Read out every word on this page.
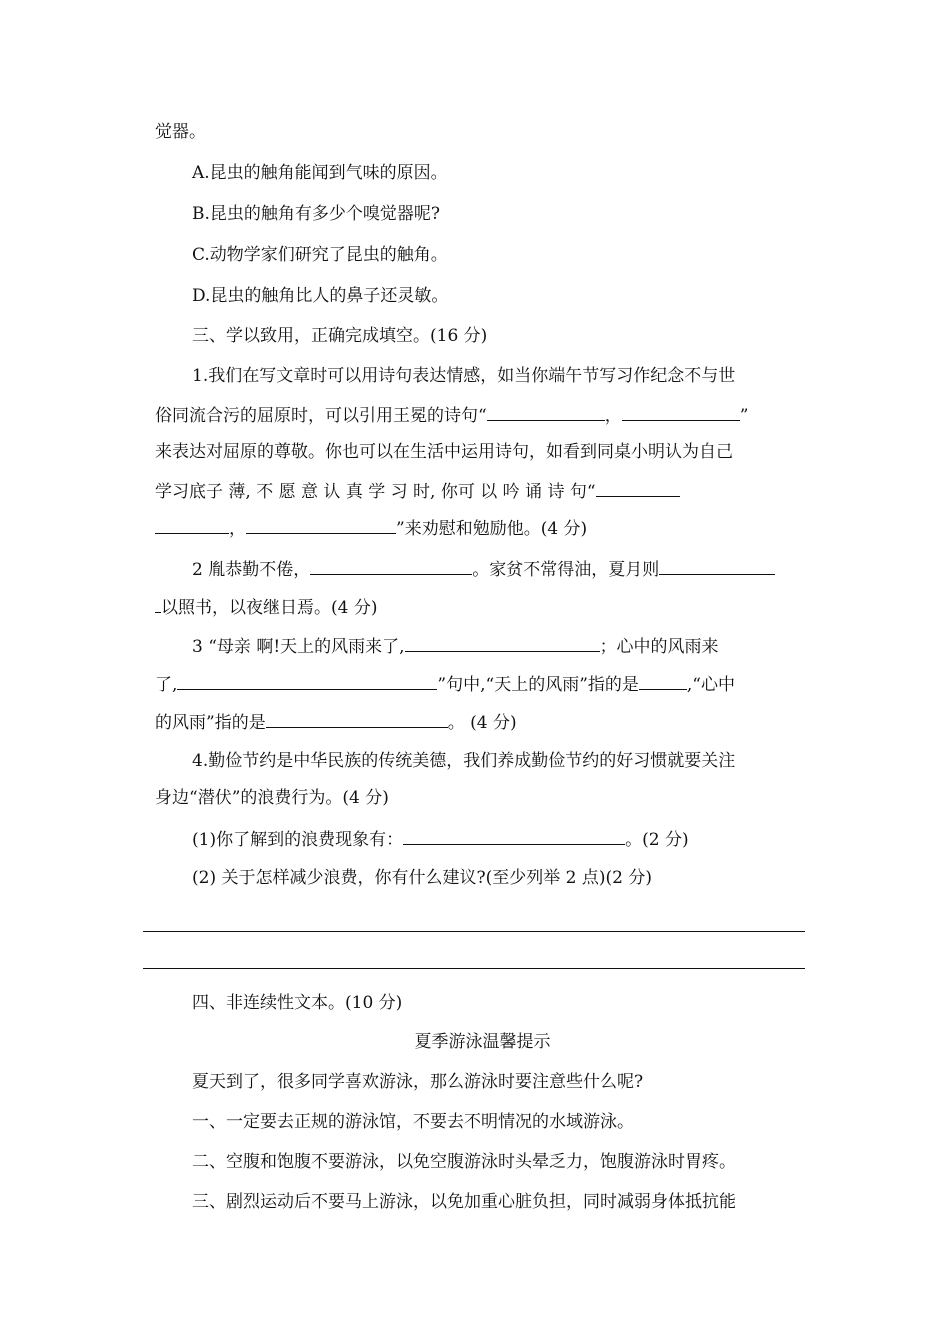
觉器。
A.昆虫的触角能闻到气味的原因。
B.昆虫的触角有多少个嗅觉器呢?
C.动物学家们研究了昆虫的触角。
D.昆虫的触角比人的鼻子还灵敏。
三、学以致用，正确完成填空。(16 分)
1.我们在写文章时可以用诗句表达情感，如当你端午节写习作纪念不与世
俗同流合污的屈原时，可以引用王冕的诗句“	，	”
来表达对屈原的尊敬。你也可以在生活中运用诗句，如看到同桌小明认为自己
学习底子 薄, 不 愿 意 认 真 学 习 时, 你可 以 吟 诵 诗 句“
，	”来劝慰和勉励他。(4 分)
2 胤恭勤不倦，	。家贫不常得油，夏月则
以照书，以夜继日焉。(4 分)
3 “母亲 啊!天上的风雨来了,	；心中的风雨来
了,	”句中,“天上的风雨”指的是	,“心中
的风雨”指的是	。 (4 分)
4.勤俭节约是中华民族的传统美德，我们养成勤俭节约的好习惯就要关注
身边“潜伏”的浪费行为。(4 分)
(1)你了解到的浪费现象有：	。(2 分)
(2) 关于怎样减少浪费，你有什么建议?(至少列举 2 点)(2 分)
四、非连续性文本。(10 分)
夏季游泳温馨提示
夏天到了，很多同学喜欢游泳，那么游泳时要注意些什么呢?
一、一定要去正规的游泳馆，不要去不明情况的水域游泳。
二、空腹和饱腹不要游泳，以免空腹游泳时头晕乏力，饱腹游泳时胃疼。
三、剧烈运动后不要马上游泳，以免加重心脏负担，同时减弱身体抵抗能
